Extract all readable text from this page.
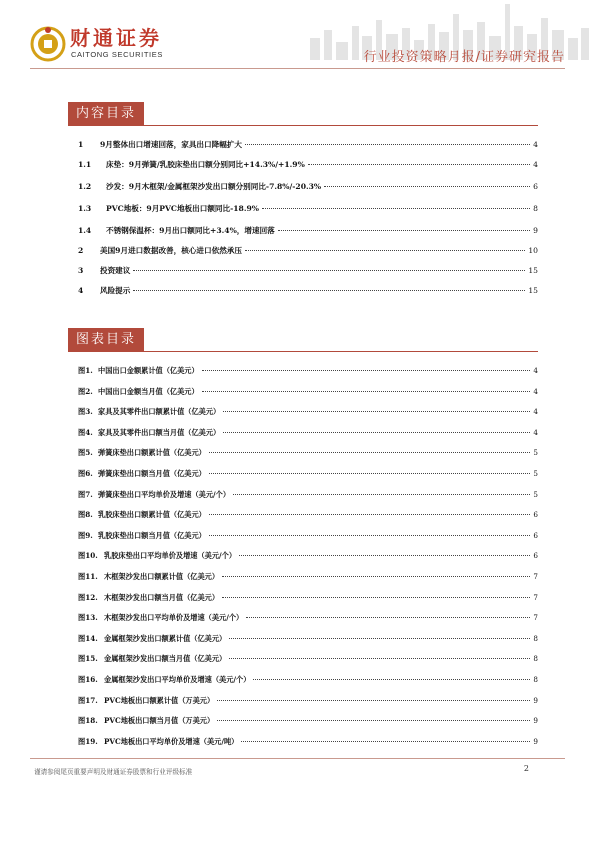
财通证券
CAITONG SECURITIES	行业投资策略月报/证券研究报告
内容目录
1	9月整体出口增速回落，家具出口降幅扩大	4
1.1	床垫：9月弹簧/乳胶床垫出口额分别同比+14.3%/+1.9%	4
1.2	沙发：9月木框架/金属框架沙发出口额分别同比-7.8%/-20.3%	6
1.3	PVC地板：9月PVC地板出口额同比-18.9%	8
1.4	不锈钢保温杯：9月出口额同比+3.4%，增速回落	9
2	美国9月进口数据改善，核心进口依然承压	10
3	投资建议	15
4	风险提示	15
图表目录
图1. 中国出口金额累计值（亿美元）	4
图2. 中国出口金额当月值（亿美元）	4
图3. 家具及其零件出口额累计值（亿美元）	4
图4. 家具及其零件出口额当月值（亿美元）	4
图5. 弹簧床垫出口额累计值（亿美元）	5
图6. 弹簧床垫出口额当月值（亿美元）	5
图7. 弹簧床垫出口平均单价及增速（美元/个）	5
图8. 乳胶床垫出口额累计值（亿美元）	6
图9. 乳胶床垫出口额当月值（亿美元）	6
图10. 乳胶床垫出口平均单价及增速（美元/个）	6
图11. 木框架沙发出口额累计值（亿美元）	7
图12. 木框架沙发出口额当月值（亿美元）	7
图13. 木框架沙发出口平均单价及增速（美元/个）	7
图14. 金属框架沙发出口额累计值（亿美元）	8
图15. 金属框架沙发出口额当月值（亿美元）	8
图16. 金属框架沙发出口平均单价及增速（美元/个）	8
图17. PVC地板出口额累计值（万美元）	9
图18. PVC地板出口额当月值（万美元）	9
图19. PVC地板出口平均单价及增速（美元/吨）	9
谨请参阅尾页重要声明及财通证券股票和行业评级标准	2
